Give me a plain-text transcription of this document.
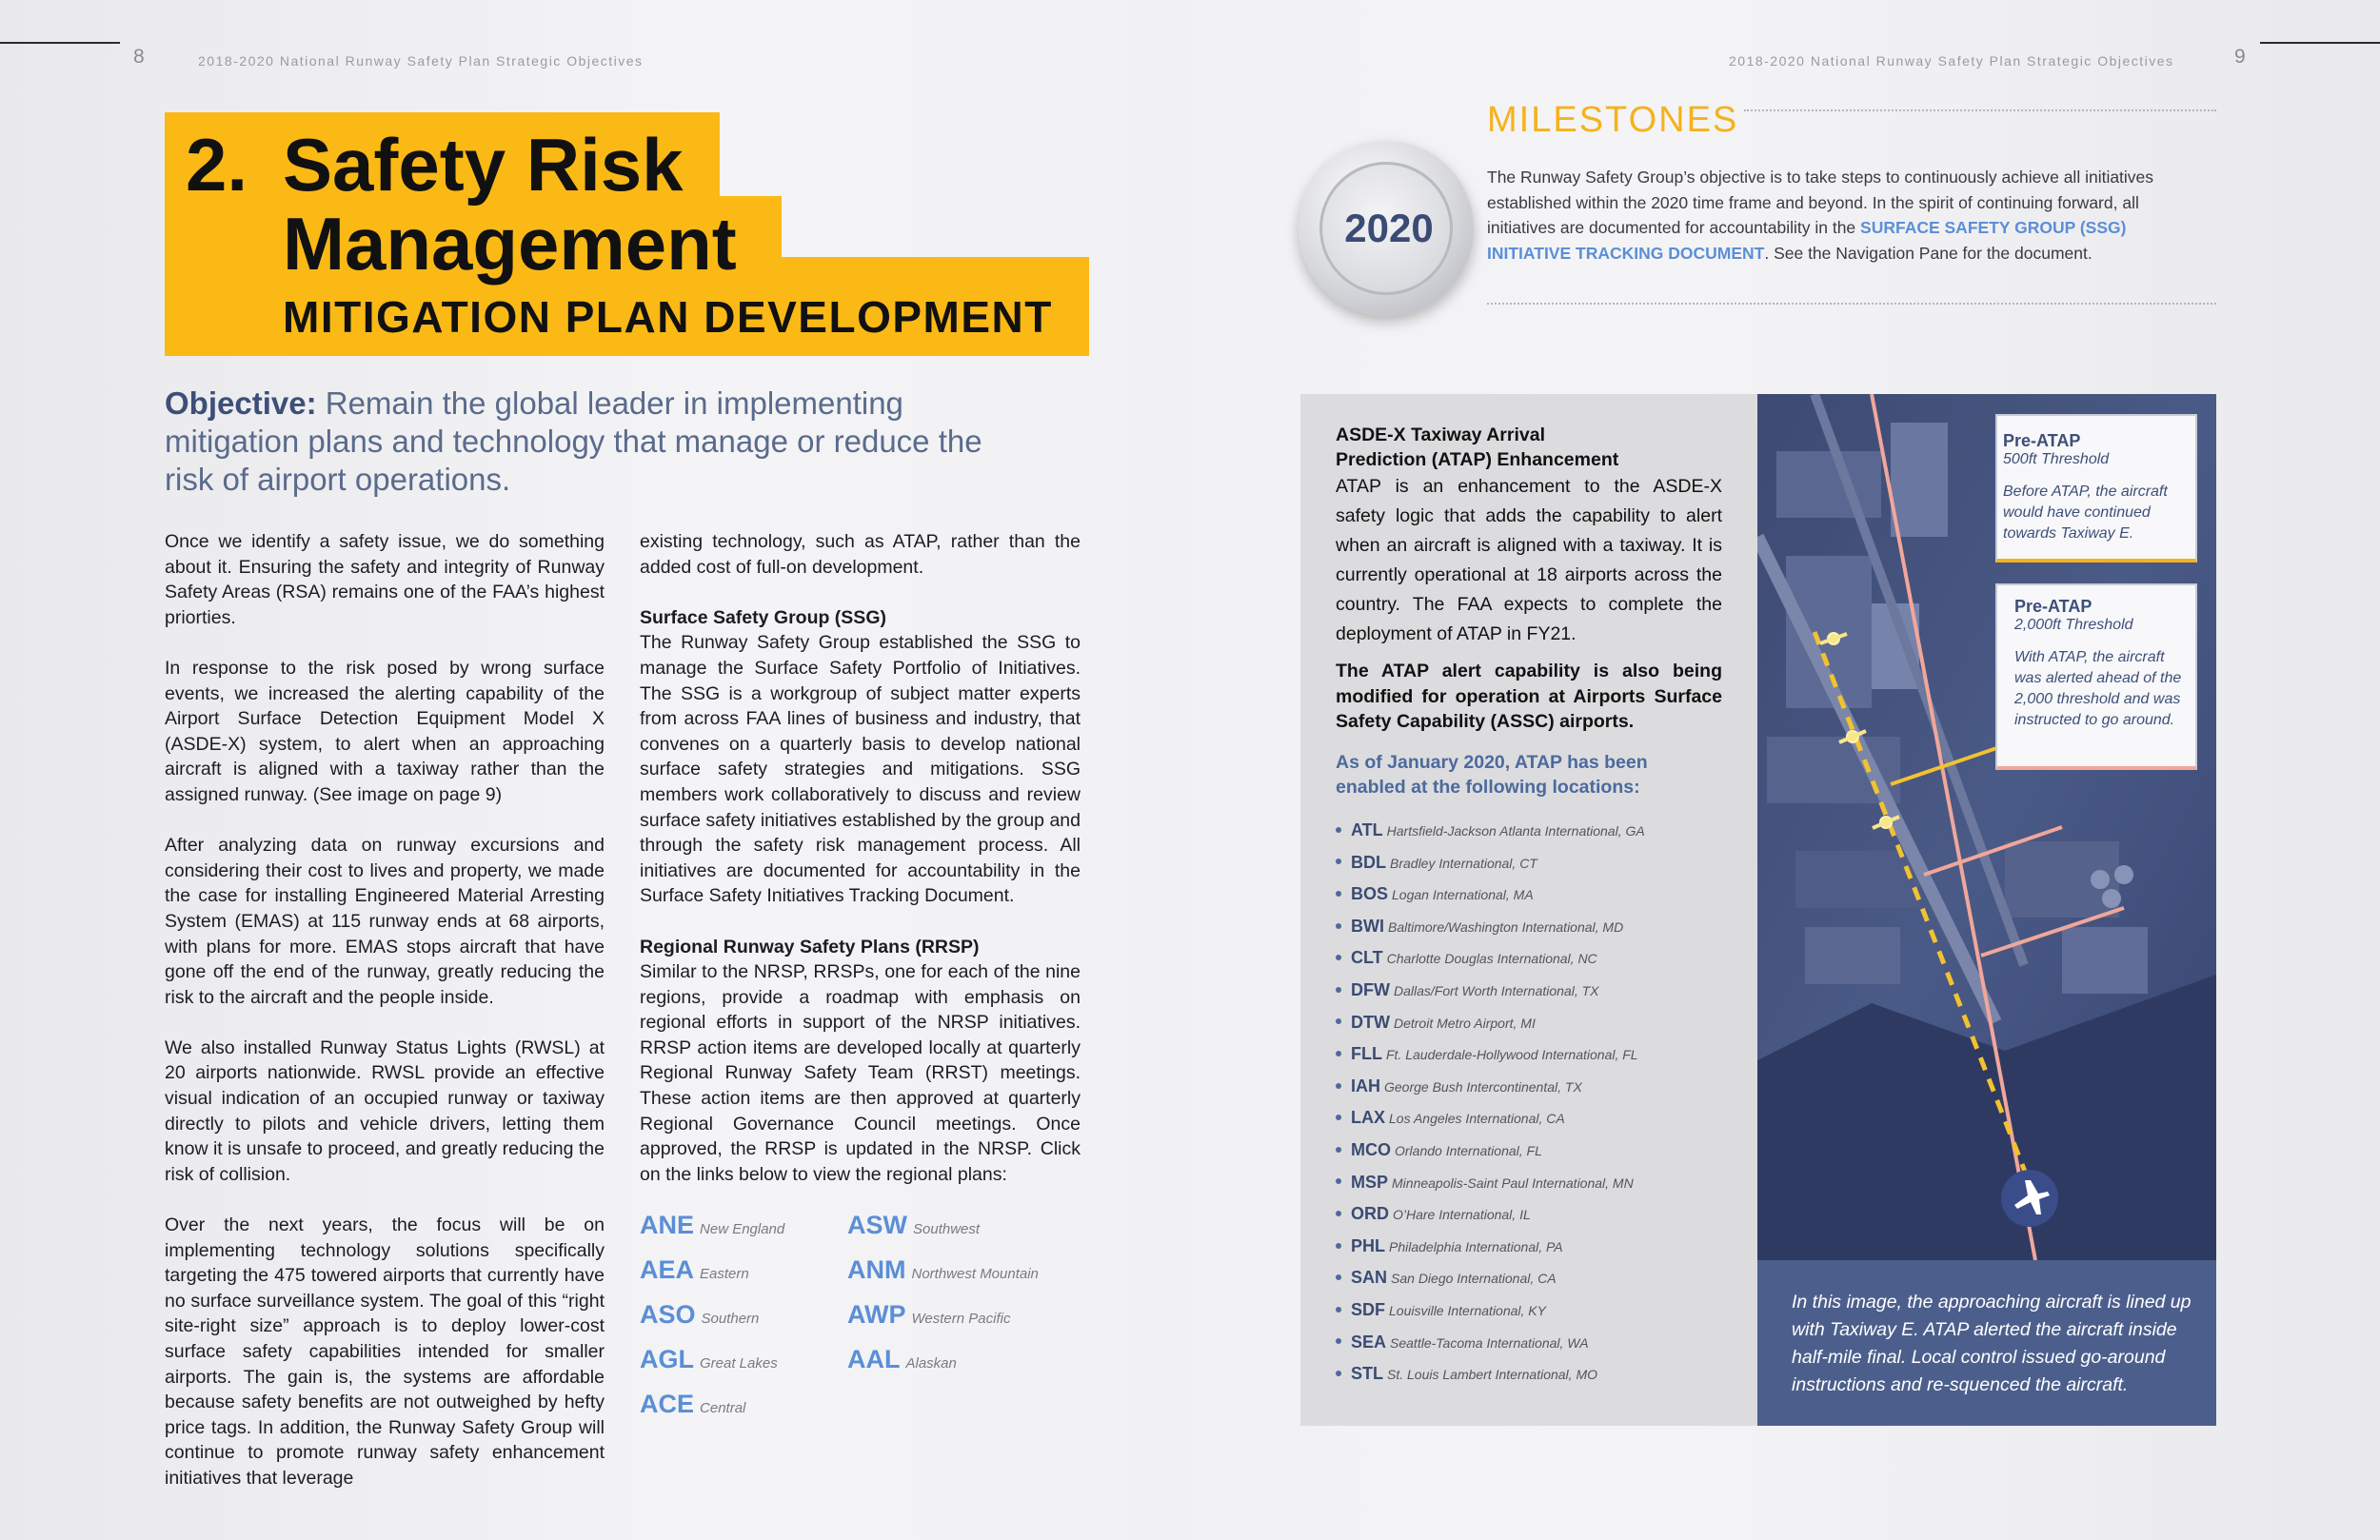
8	2018-2020 National Runway Safety Plan Strategic Objectives	9
2018-2020 National Runway Safety Plan Strategic Objectives
2. Safety Risk
Management
MITIGATION PLAN DEVELOPMENT
Objective: Remain the global leader in implementing mitigation plans and technology that manage or reduce the risk of airport operations.

Once we identify a safety issue, we do something about it. Ensuring the safety and integrity of Runway Safety Areas (RSA) remains one of the FAA’s highest priorties.

In response to the risk posed by wrong surface events, we increased the alerting capability of the Airport Surface Detection Equipment Model X (ASDE-X) system, to alert when an approaching aircraft is aligned with a taxiway rather than the assigned runway. (See image on page 9)

After analyzing data on runway excursions and considering their cost to lives and property, we made the case for installing Engineered Material Arresting System (EMAS) at 115 runway ends at 68 airports, with plans for more. EMAS stops aircraft that have gone off the end of the runway, greatly reducing the risk to the aircraft and the people inside.

We also installed Runway Status Lights (RWSL) at 20 airports nationwide. RWSL provide an effective visual indication of an occupied runway or taxiway directly to pilots and vehicle drivers, letting them know it is unsafe to proceed, and greatly reducing the risk of collision.

Over the next years, the focus will be on implementing technology solutions specifically targeting the 475 towered airports that currently have no surface surveillance system. The goal of this “right site-right size” approach is to deploy lower-cost surface safety capabilities intended for smaller airports. The gain is, the systems are affordable because safety benefits are not outweighed by hefty price tags. In addition, the Runway Safety Group will continue to promote runway safety enhancement initiatives that leverage

existing technology, such as ATAP, rather than the added cost of full-on development.

Surface Safety Group (SSG)

The Runway Safety Group established the SSG to manage the Surface Safety Portfolio of Initiatives. The SSG is a workgroup of subject matter experts from across FAA lines of business and industry, that convenes on a quarterly basis to develop national surface safety strategies and mitigations. SSG members work collaboratively to discuss and review surface safety initiatives established by the group and through the safety risk management process. All initiatives are documented for accountability in the Surface Safety Initiatives Tracking Document.

Regional Runway Safety Plans (RRSP)

Similar to the NRSP, RRSPs, one for each of the nine regions, provide a roadmap with emphasis on regional efforts in support of the NRSP initiatives. RRSP action items are developed locally at quarterly Regional Runway Safety Team (RRST) meetings. These action items are then approved at quarterly Regional Governance Council meetings. Once approved, the RRSP is updated in the NRSP. Click on the links below to view the regional plans:

ANE New England
AEA Eastern
ASO Southern
AGL Great Lakes
ACE Central
ASW Southwest
ANM Northwest Mountain
AWP Western Pacific
AAL Alaskan
MILESTONES
2020
The Runway Safety Group’s objective is to take steps to continuously achieve all initiatives established within the 2020 time frame and beyond. In the spirit of continuing forward, all initiatives are documented for accountability in the SURFACE SAFETY GROUP (SSG) INITIATIVE TRACKING DOCUMENT. See the Navigation Pane for the document.
ASDE-X Taxiway Arrival
Prediction (ATAP) Enhancement
ATAP is an enhancement to the ASDE-X safety logic that adds the capability to alert when an aircraft is aligned with a taxiway. It is currently operational at 18 airports across the country. The FAA expects to complete the deployment of ATAP in FY21.
The ATAP alert capability is also being modified for operation at Airports Surface Safety Capability (ASSC) airports.
As of January 2020, ATAP has been enabled at the following locations:
ATL Hartsfield-Jackson Atlanta International, GA
BDL Bradley International, CT
BOS Logan International, MA
BWI Baltimore/Washington International, MD
CLT Charlotte Douglas International, NC
DFW Dallas/Fort Worth International, TX
DTW Detroit Metro Airport, MI
FLL Ft. Lauderdale-Hollywood International, FL
IAH George Bush Intercontinental, TX
LAX Los Angeles International, CA
MCO Orlando International, FL
MSP Minneapolis-Saint Paul International, MN
ORD O’Hare International, IL
PHL Philadelphia International, PA
SAN San Diego International, CA
SDF Louisville International, KY
SEA Seattle-Tacoma International, WA
STL St. Louis Lambert International, MO
Pre-ATAP
500ft Threshold
Before ATAP, the aircraft would have continued towards Taxiway E.
Pre-ATAP
2,000ft Threshold
With ATAP, the aircraft was alerted ahead of the 2,000 threshold and was instructed to go around.
In this image, the approaching aircraft is lined up with Taxiway E. ATAP alerted the aircraft inside half-mile final. Local control issued go-around instructions and re-squenced the aircraft.
